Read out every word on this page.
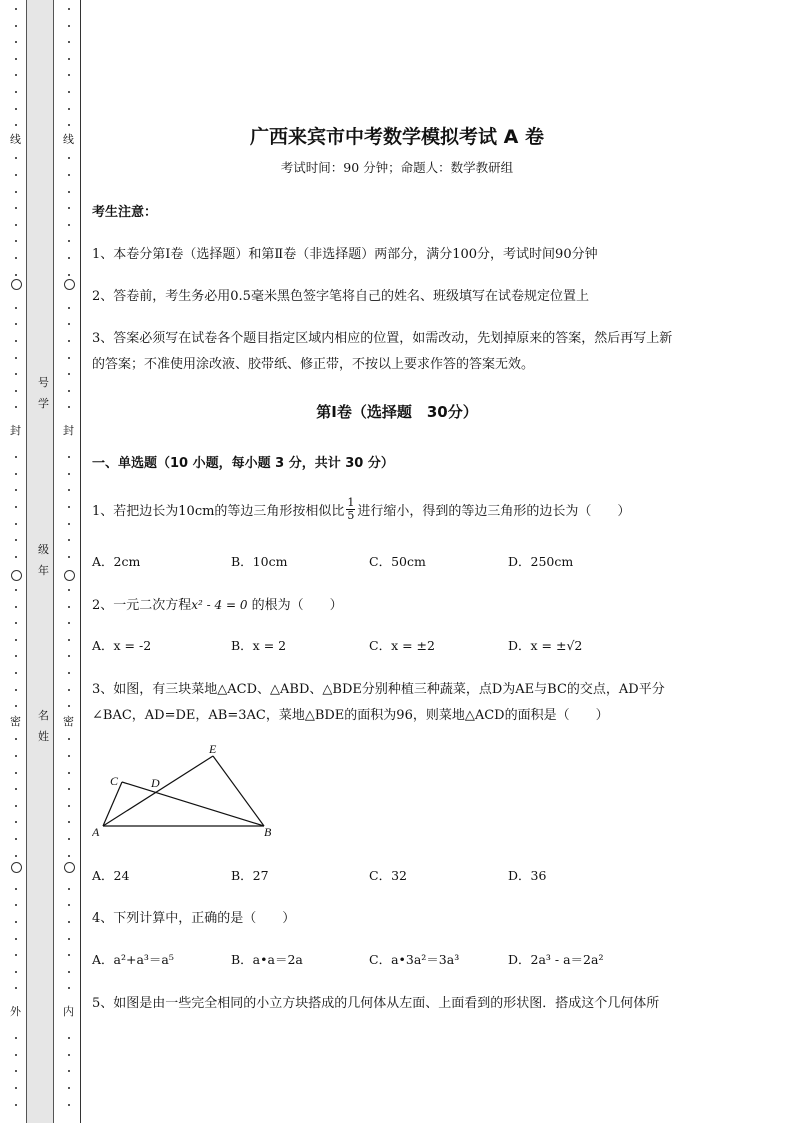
线
封
密
外
线
封
密
内
号
学
级
年
名
姓
广西来宾市中考数学模拟考试 A 卷
考试时间：90 分钟；命题人：数学教研组
考生注意：
1、本卷分第Ⅰ卷（选择题）和第Ⅱ卷（非选择题）两部分，满分100分，考试时间90分钟
2、答卷前，考生务必用0.5毫米黑色签字笔将自己的姓名、班级填写在试卷规定位置上
3、答案必须写在试卷各个题目指定区域内相应的位置，如需改动，先划掉原来的答案，然后再写上新
的答案；不准使用涂改液、胶带纸、修正带，不按以上要求作答的答案无效。
第Ⅰ卷（选择题　30分）
一、单选题（10 小题，每小题 3 分，共计 30 分）
1、若把边长为10cm的等边三角形按相似比 $\frac{1}{5}$ 进行缩小，得到的等边三角形的边长为（　　）
A．2cm	B．10cm	C．50cm	D．250cm
2、一元二次方程x² - 4 = 0 的根为（　　）
A．x = -2	B．x = 2	C．x = ±2	D．x = ±√2
3、如图，有三块菜地△ACD、△ABD、△BDE分别种植三种蔬菜，点D为AE与BC的交点，AD平分
∠BAC，AD=DE，AB=3AC，菜地△BDE的面积为96，则菜地△ACD的面积是（　　）
A	B
C	D
E
A．24	B．27	C．32	D．36
4、下列计算中，正确的是（　　）
A．a²+a³＝a⁵	B．a•a＝2a	C．a•3a²＝3a³	D．2a³ - a＝2a²
5、如图是由一些完全相同的小立方块搭成的几何体从左面、上面看到的形状图．搭成这个几何体所
